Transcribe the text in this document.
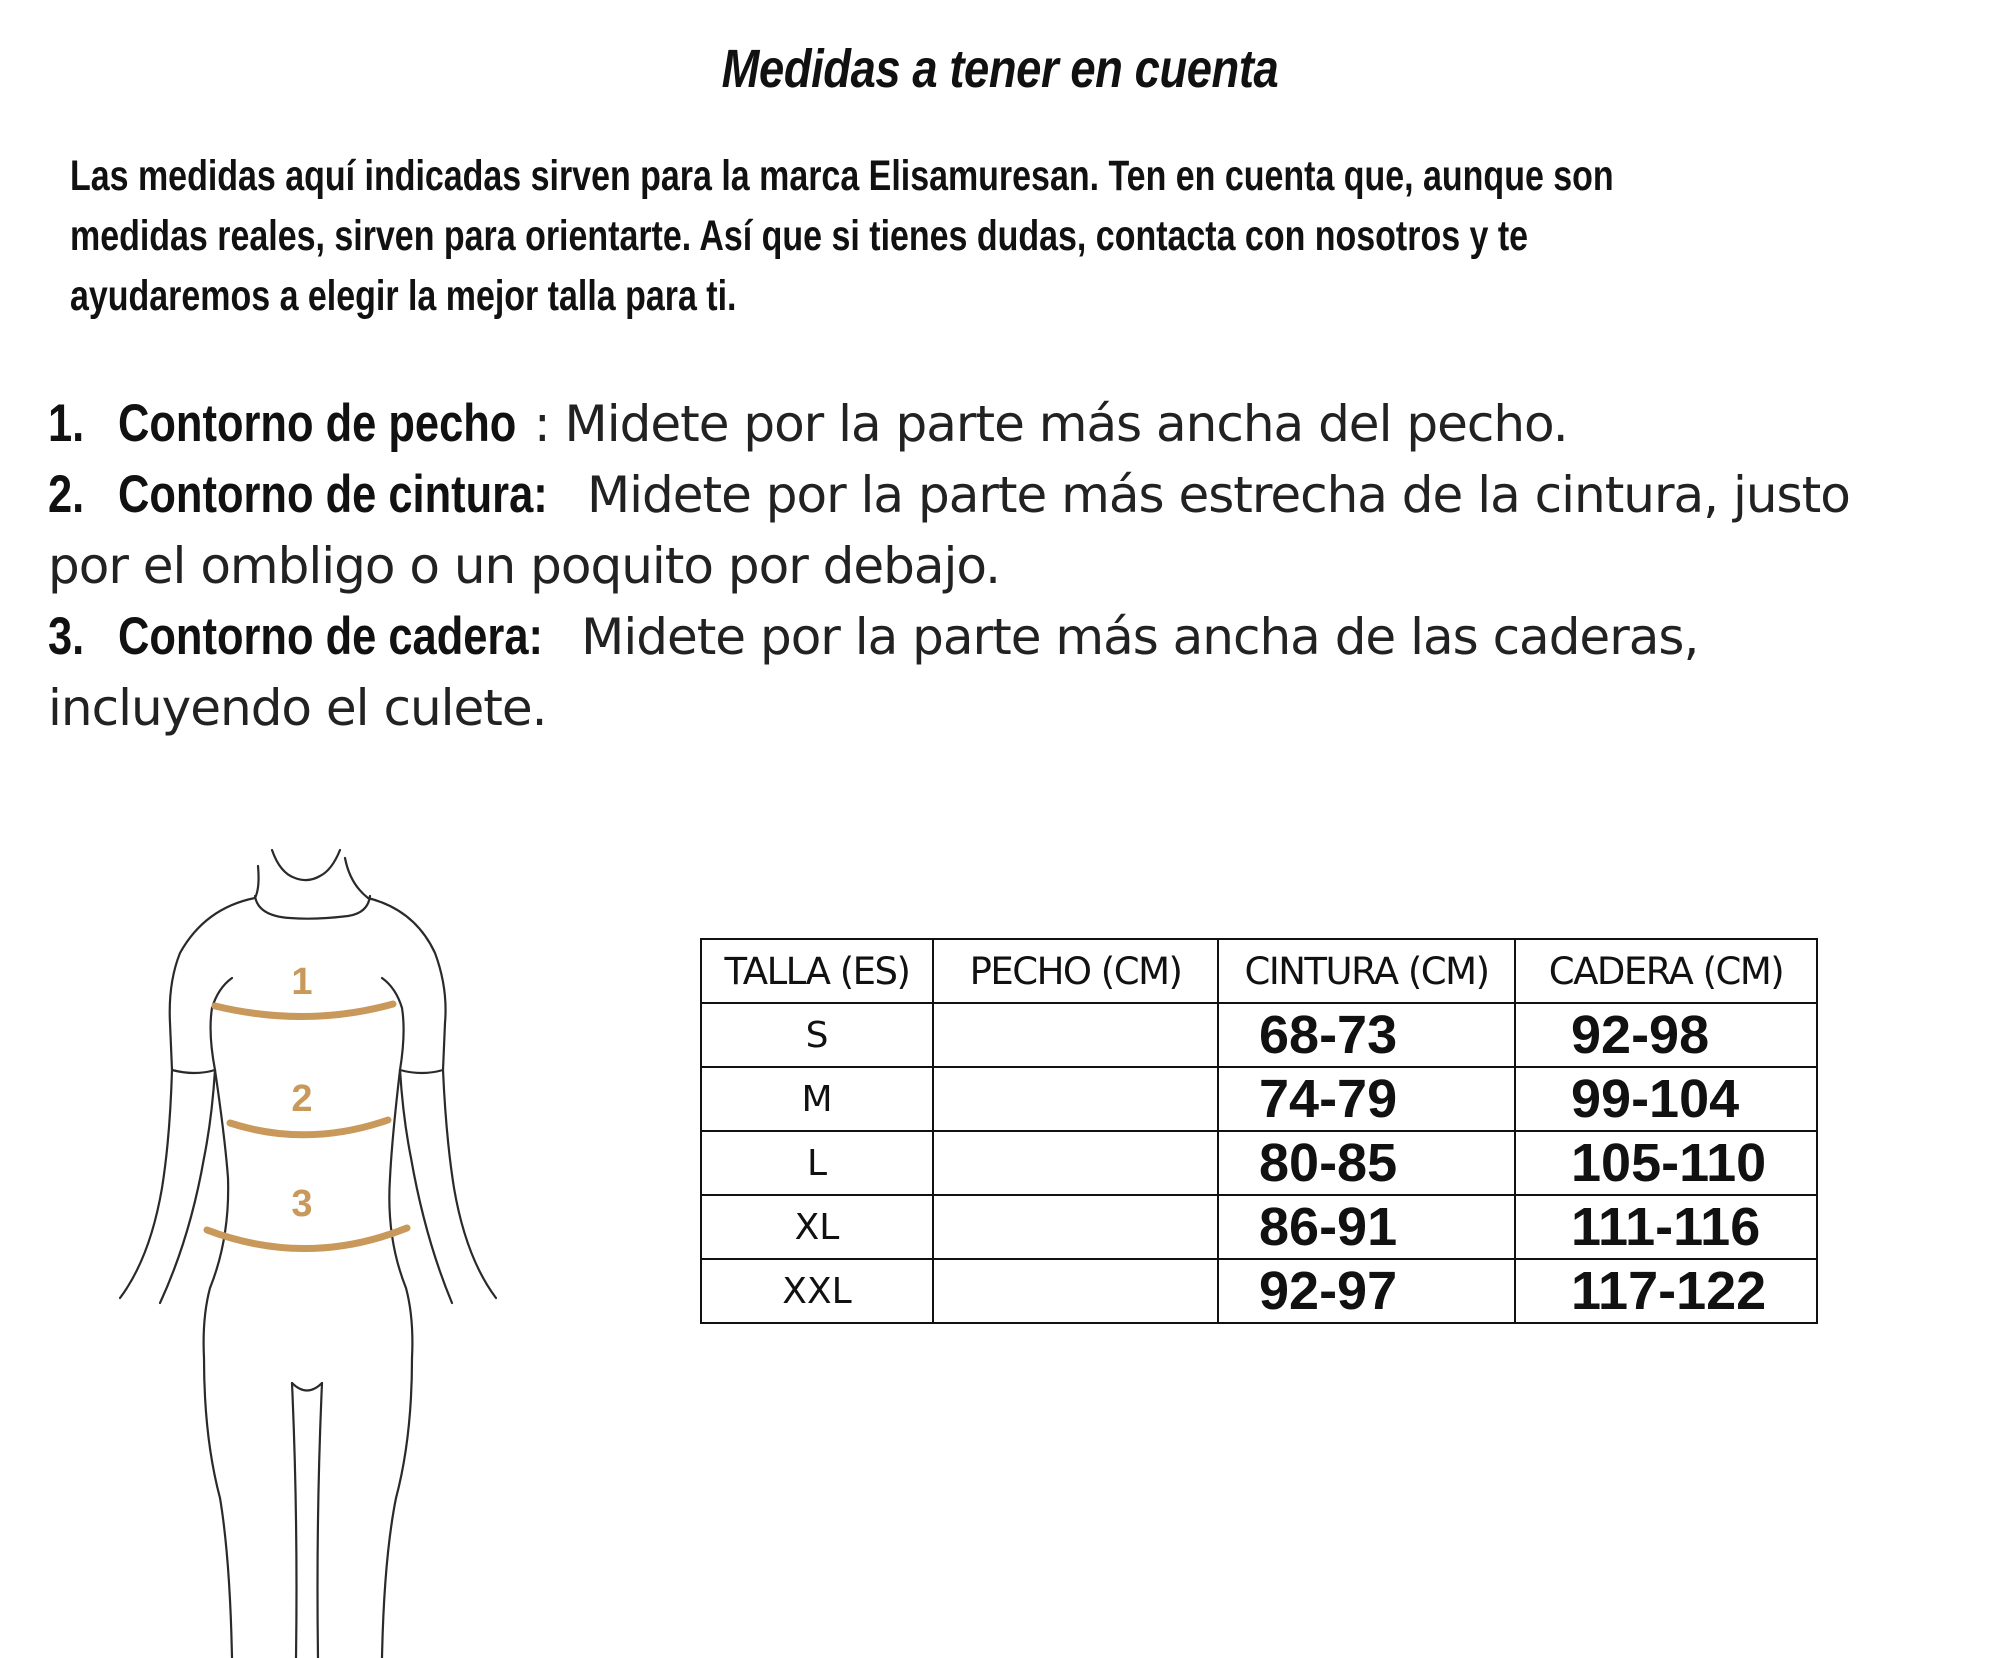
Medidas a tener en cuenta
Las medidas aquí indicadas sirven para la marca Elisamuresan. Ten en cuenta que, aunque son
medidas reales, sirven para orientarte. Así que si tienes dudas, contacta con nosotros y te
ayudaremos a elegir la mejor talla para ti.
1. Contorno de pecho : Midete por la parte más ancha del pecho.
2. Contorno de cintura: Midete por la parte más estrecha de la cintura, justo
por el ombligo o un poquito por debajo.
3. Contorno de cadera: Midete por la parte más ancha de las caderas,
incluyendo el culete.
1
2
3
TALLA (ES)	PECHO (CM)	CINTURA (CM)	CADERA (CM)
S		68-73	92-98
M		74-79	99-104
L		80-85	105-110
XL		86-91	111-116
XXL		92-97	117-122
